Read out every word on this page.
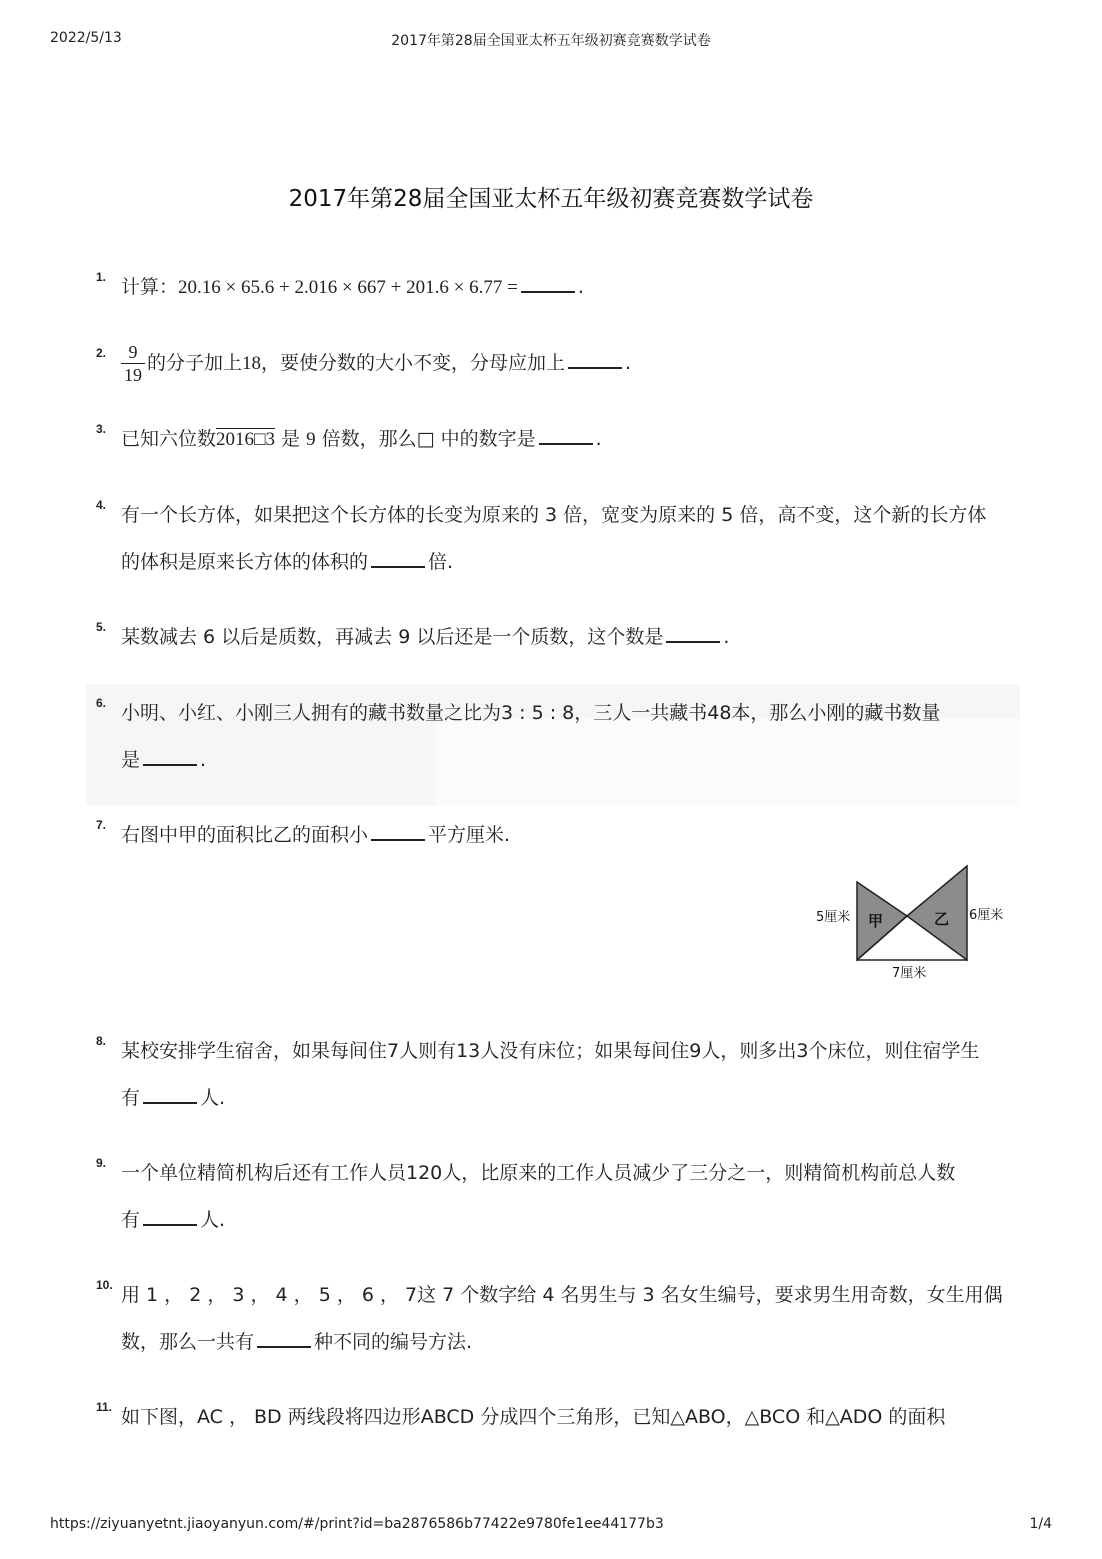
2022/5/13	2017年第28届全国亚太杯五年级初赛竞赛数学试卷
2017年第28届全国亚太杯五年级初赛竞赛数学试卷
1. 计算：20.16 × 65.6 + 2.016 × 667 + 201.6 × 6.77 =	.
2. $\frac{9}{19}$ 的分子加上18，要使分数的大小不变，分母应加上	.
3. 已知六位数2016□3 是 9 倍数，那么□ 中的数字是	.
4. 有一个长方体，如果把这个长方体的长变为原来的 3 倍，宽变为原来的 5 倍，高不变，这个新的长方体
的体积是原来长方体的体积的	倍.
5. 某数减去 6 以后是质数，再减去 9 以后还是一个质数，这个数是	.
6. 小明、小红、小刚三人拥有的藏书数量之比为3 : 5 : 8，三人一共藏书48本，那么小刚的藏书数量
是	.
7. 右图中甲的面积比乙的面积小	平方厘米.
甲	乙
5厘米	6厘米
7厘米
8. 某校安排学生宿舍，如果每间住7人则有13人没有床位；如果每间住9人，则多出3个床位，则住宿学生
有	人.
9. 一个单位精简机构后还有工作人员120人，比原来的工作人员减少了三分之一，则精简机构前总人数
有	人.
10. 用 1 ， 2 ， 3 ， 4 ， 5 ， 6 ， 7这 7 个数字给 4 名男生与 3 名女生编号，要求男生用奇数，女生用偶
数，那么一共有	种不同的编号方法.
11. 如下图，AC ， BD 两线段将四边形ABCD 分成四个三角形，已知△ABO，△BCO 和△ADO 的面积
https://ziyuanyetnt.jiaoyanyun.com/#/print?id=ba2876586b77422e9780fe1ee44177b3	1/4
